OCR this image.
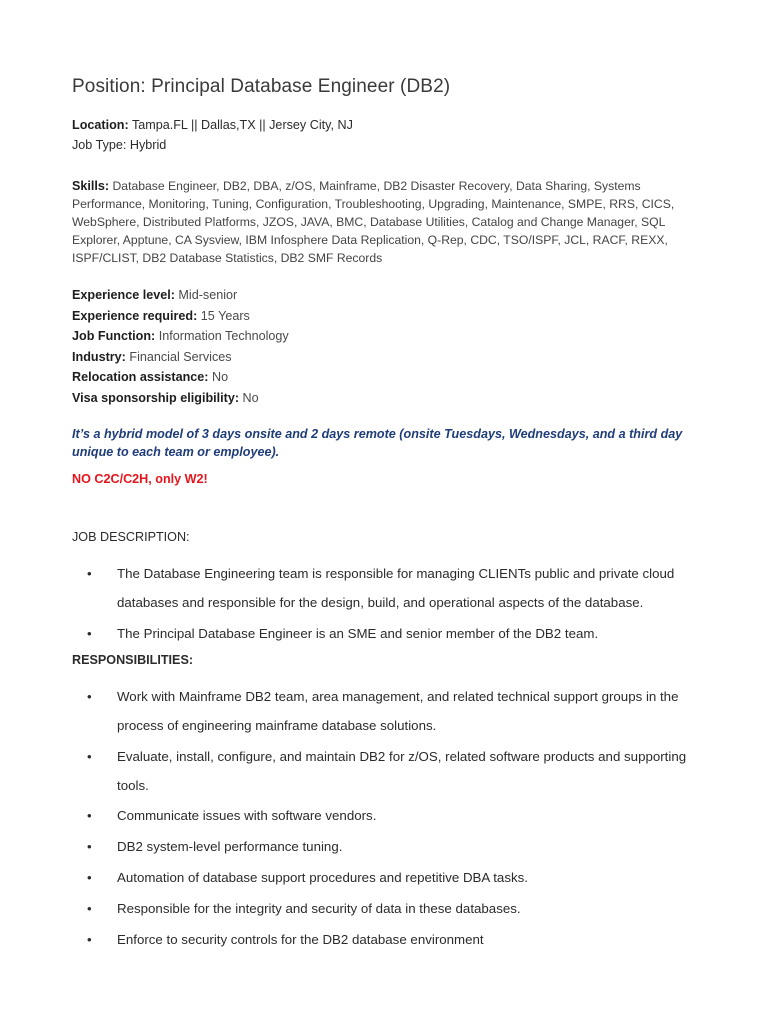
Position: Principal Database Engineer (DB2)
Location: Tampa.FL || Dallas,TX || Jersey City, NJ
Job Type: Hybrid
Skills: Database Engineer, DB2, DBA, z/OS, Mainframe, DB2 Disaster Recovery, Data Sharing, Systems Performance, Monitoring, Tuning, Configuration, Troubleshooting, Upgrading, Maintenance, SMPE, RRS, CICS, WebSphere, Distributed Platforms, JZOS, JAVA, BMC, Database Utilities, Catalog and Change Manager, SQL Explorer, Apptune, CA Sysview, IBM Infosphere Data Replication, Q-Rep, CDC, TSO/ISPF, JCL, RACF, REXX, ISPF/CLIST, DB2 Database Statistics, DB2 SMF Records
Experience level: Mid-senior
Experience required: 15 Years
Job Function: Information Technology
Industry: Financial Services
Relocation assistance: No
Visa sponsorship eligibility: No
It’s a hybrid model of 3 days onsite and 2 days remote (onsite Tuesdays, Wednesdays, and a third day unique to each team or employee).
NO C2C/C2H, only W2!
JOB DESCRIPTION:
• The Database Engineering team is responsible for managing CLIENTs public and private cloud databases and responsible for the design, build, and operational aspects of the database.
• The Principal Database Engineer is an SME and senior member of the DB2 team.
RESPONSIBILITIES:
• Work with Mainframe DB2 team, area management, and related technical support groups in the process of engineering mainframe database solutions.
• Evaluate, install, configure, and maintain DB2 for z/OS, related software products and supporting tools.
• Communicate issues with software vendors.
• DB2 system-level performance tuning.
• Automation of database support procedures and repetitive DBA tasks.
• Responsible for the integrity and security of data in these databases.
• Enforce to security controls for the DB2 database environment
